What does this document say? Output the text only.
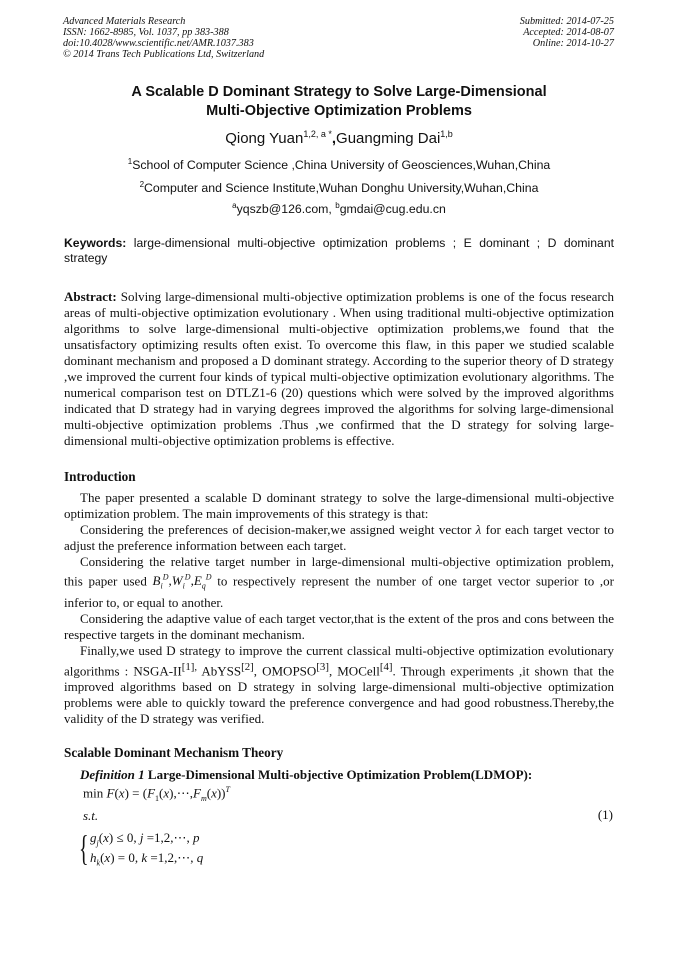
Advanced Materials Research
ISSN: 1662-8985, Vol. 1037, pp 383-388
doi:10.4028/www.scientific.net/AMR.1037.383
© 2014 Trans Tech Publications Ltd, Switzerland
Submitted: 2014-07-25
Accepted: 2014-08-07
Online: 2014-10-27
A Scalable D Dominant Strategy to Solve Large-Dimensional
Multi-Objective Optimization Problems
Qiong Yuan$^{1,2, a *}$,Guangming Dai$^{1,b}$
$^1$School of Computer Science ,China University of Geosciences,Wuhan,China
$^2$Computer and Science Institute,Wuhan Donghu University,Wuhan,China
$^a$yqszb@126.com, $^b$gmdai@cug.edu.cn
Keywords: large-dimensional multi-objective optimization problems ; E dominant ; D dominant strategy
Abstract: Solving large-dimensional multi-objective optimization problems is one of the focus research areas of multi-objective optimization evolutionary . When using traditional multi-objective optimization algorithms to solve large-dimensional multi-objective optimization problems,we found that the unsatisfactory optimizing results often exist. To overcome this flaw, in this paper we studied scalable dominant mechanism and proposed a D dominant strategy. According to the superior theory of D strategy ,we improved the current four kinds of typical multi-objective optimization evolutionary algorithms. The numerical comparison test on DTLZ1-6 (20) questions which were solved by the improved algorithms indicated that D strategy had in varying degrees improved the algorithms for solving large-dimensional multi-objective optimization problems .Thus ,we confirmed that the D strategy for solving large-dimensional multi-objective optimization problems is effective.
Introduction

The paper presented a scalable D dominant strategy to solve the large-dimensional multi-objective optimization problem. The main improvements of this strategy is that:

Considering the preferences of decision-maker,we assigned weight vector λ for each target vector to adjust the preference information between each target.

Considering the relative target number in large-dimensional multi-objective optimization problem, this paper used $B_i^D,W_i^D,E_q^D$ to respectively represent the number of one target vector superior to ,or inferior to, or equal to another.

Considering the adaptive value of each target vector,that is the extent of the pros and cons between the respective targets in the dominant mechanism.

Finally,we used D strategy to improve the current classical multi-objective optimization evolutionary algorithms : NSGA-$II^{[1],}$ AbYSS[2], OMOPSO[3], MOCell[4]. Through experiments ,it shown that the improved algorithms based on D strategy in solving large-dimensional multi-objective optimization problems were able to quickly toward the preference convergence and had good robustness.Thereby,the validity of the D strategy was verified.

Scalable Dominant Mechanism Theory
Definition 1 Large-Dimensional Multi-objective Optimization Problem(LDMOP):
$\min F(x) = (F_1(x),\cdots,F_m(x))^T$
s.t.	(1)
{ $g_j(x) \le 0$, j =1,2,⋯, p
$h_k(x) = 0$, k =1,2,⋯, q
